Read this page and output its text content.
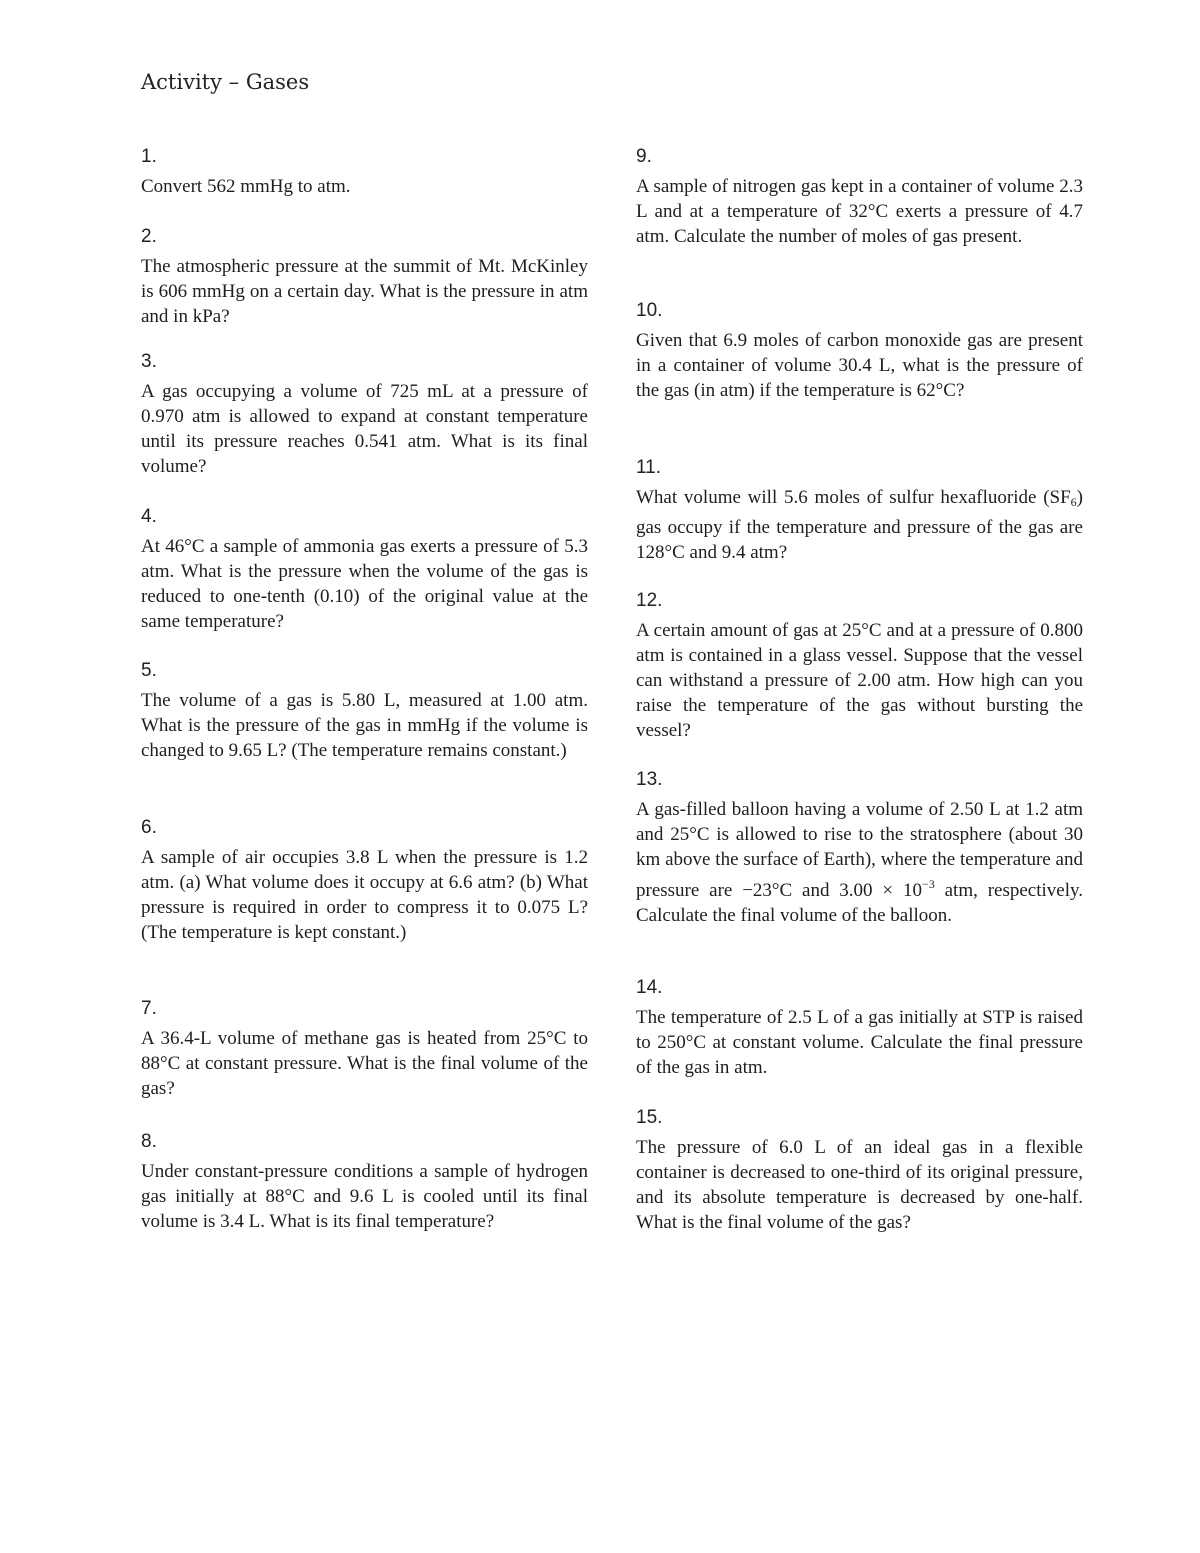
Activity – Gases
1.
Convert 562 mmHg to atm.
2.
The atmospheric pressure at the summit of Mt. McKinley is 606 mmHg on a certain day. What is the pressure in atm and in kPa?
3.
A gas occupying a volume of 725 mL at a pressure of 0.970 atm is allowed to expand at constant temperature until its pressure reaches 0.541 atm. What is its final volume?
4.
At 46°C a sample of ammonia gas exerts a pressure of 5.3 atm. What is the pressure when the volume of the gas is reduced to one-tenth (0.10) of the original value at the same temperature?
5.
The volume of a gas is 5.80 L, measured at 1.00 atm. What is the pressure of the gas in mmHg if the volume is changed to 9.65 L? (The temperature remains constant.)
6.
A sample of air occupies 3.8 L when the pressure is 1.2 atm. (a) What volume does it occupy at 6.6 atm? (b) What pressure is required in order to compress it to 0.075 L? (The temperature is kept constant.)
7.
A 36.4-L volume of methane gas is heated from 25°C to 88°C at constant pressure. What is the final volume of the gas?
8.
Under constant-pressure conditions a sample of hydrogen gas initially at 88°C and 9.6 L is cooled until its final volume is 3.4 L. What is its final temperature?
9.
A sample of nitrogen gas kept in a container of volume 2.3 L and at a temperature of 32°C exerts a pressure of 4.7 atm. Calculate the number of moles of gas present.
10.
Given that 6.9 moles of carbon monoxide gas are present in a container of volume 30.4 L, what is the pressure of the gas (in atm) if the temperature is 62°C?
11.
What volume will 5.6 moles of sulfur hexafluoride $(SF_6)$ gas occupy if the temperature and pressure of the gas are 128°C and 9.4 atm?
12.
A certain amount of gas at 25°C and at a pressure of 0.800 atm is contained in a glass vessel. Suppose that the vessel can withstand a pressure of 2.00 atm. How high can you raise the temperature of the gas without bursting the vessel?
13.
A gas-filled balloon having a volume of 2.50 L at 1.2 atm and 25°C is allowed to rise to the stratosphere (about 30 km above the surface of Earth), where the temperature and pressure are −23°C and $3.00 \times 10^{-3}$ atm, respectively. Calculate the final volume of the balloon.
14.
The temperature of 2.5 L of a gas initially at STP is raised to 250°C at constant volume. Calculate the final pressure of the gas in atm.
15.
The pressure of 6.0 L of an ideal gas in a flexible container is decreased to one-third of its original pressure, and its absolute temperature is decreased by one-half. What is the final volume of the gas?
